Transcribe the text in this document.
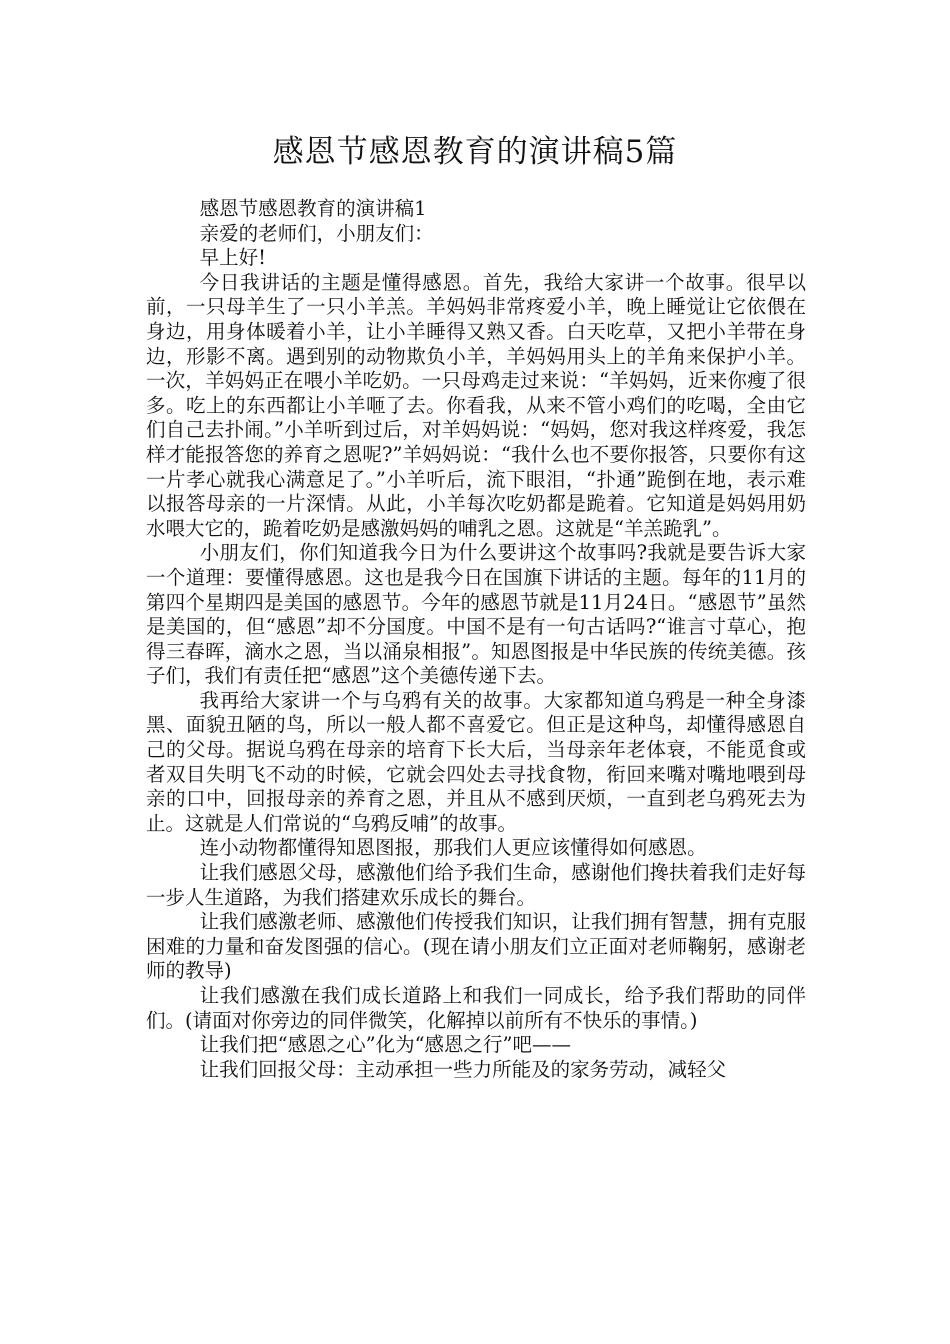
感恩节感恩教育的演讲稿5篇

感恩节感恩教育的演讲稿1

亲爱的老师们，小朋友们：

早上好!

今日我讲话的主题是懂得感恩。首先，我给大家讲一个故事。很早以前，一只母羊生了一只小羊羔。羊妈妈非常疼爱小羊，晚上睡觉让它依偎在身边，用身体暖着小羊，让小羊睡得又熟又香。白天吃草，又把小羊带在身边，形影不离。遇到别的动物欺负小羊，羊妈妈用头上的羊角来保护小羊。一次，羊妈妈正在喂小羊吃奶。一只母鸡走过来说：“羊妈妈，近来你瘦了很多。吃上的东西都让小羊咂了去。你看我，从来不管小鸡们的吃喝，全由它们自己去扑闹。”小羊听到过后，对羊妈妈说：“妈妈，您对我这样疼爱，我怎样才能报答您的养育之恩呢?”羊妈妈说：“我什么也不要你报答，只要你有这一片孝心就我心满意足了。”小羊听后，流下眼泪，“扑通”跪倒在地，表示难以报答母亲的一片深情。从此，小羊每次吃奶都是跪着。它知道是妈妈用奶水喂大它的，跪着吃奶是感激妈妈的哺乳之恩。这就是“羊羔跪乳”。

小朋友们，你们知道我今日为什么要讲这个故事吗?我就是要告诉大家一个道理：要懂得感恩。这也是我今日在国旗下讲话的主题。每年的11月的第四个星期四是美国的感恩节。今年的感恩节就是11月24日。“感恩节”虽然是美国的，但“感恩”却不分国度。中国不是有一句古话吗?“谁言寸草心，抱得三春晖，滴水之恩，当以涌泉相报”。知恩图报是中华民族的传统美德。孩子们，我们有责任把“感恩”这个美德传递下去。

我再给大家讲一个与乌鸦有关的故事。大家都知道乌鸦是一种全身漆黑、面貌丑陋的鸟，所以一般人都不喜爱它。但正是这种鸟，却懂得感恩自己的父母。据说乌鸦在母亲的培育下长大后，当母亲年老体衰，不能觅食或者双目失明飞不动的时候，它就会四处去寻找食物，衔回来嘴对嘴地喂到母亲的口中，回报母亲的养育之恩，并且从不感到厌烦，一直到老乌鸦死去为止。这就是人们常说的“乌鸦反哺”的故事。

连小动物都懂得知恩图报，那我们人更应该懂得如何感恩。

让我们感恩父母，感激他们给予我们生命，感谢他们搀扶着我们走好每一步人生道路，为我们搭建欢乐成长的舞台。

让我们感激老师、感激他们传授我们知识，让我们拥有智慧，拥有克服困难的力量和奋发图强的信心。(现在请小朋友们立正面对老师鞠躬，感谢老师的教导)

让我们感激在我们成长道路上和我们一同成长，给予我们帮助的同伴们。(请面对你旁边的同伴微笑，化解掉以前所有不快乐的事情。)

让我们把“感恩之心”化为“感恩之行”吧——

让我们回报父母：主动承担一些力所能及的家务劳动，减轻父
